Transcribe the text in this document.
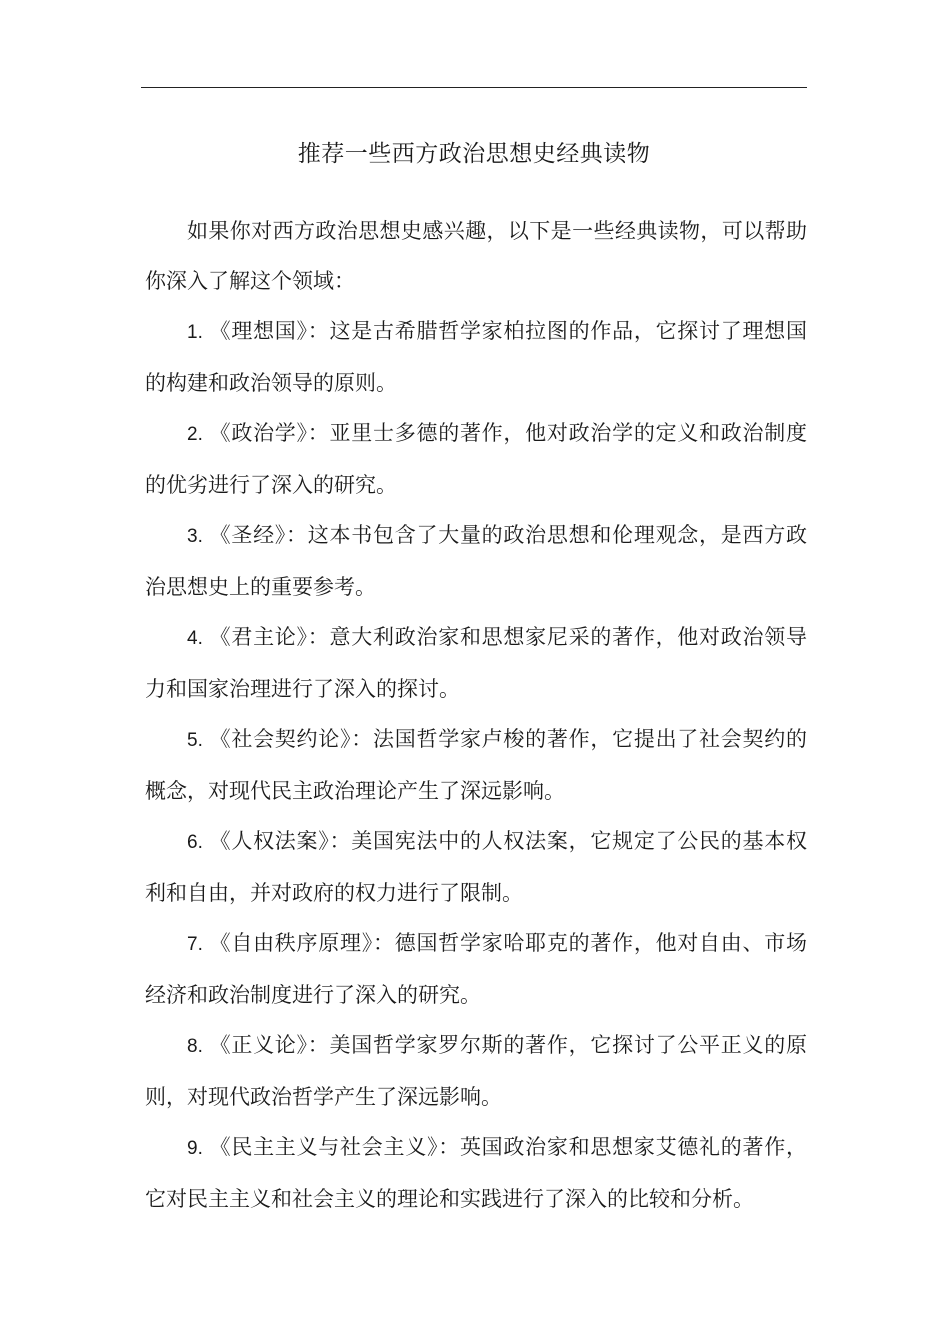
推荐一些西方政治思想史经典读物

如果你对西方政治思想史感兴趣，以下是一些经典读物，可以帮助你深入了解这个领域：

1. 《理想国》：这是古希腊哲学家柏拉图的作品，它探讨了理想国的构建和政治领导的原则。

2. 《政治学》：亚里士多德的著作，他对政治学的定义和政治制度的优劣进行了深入的研究。

3. 《圣经》：这本书包含了大量的政治思想和伦理观念，是西方政治思想史上的重要参考。

4. 《君主论》：意大利政治家和思想家尼采的著作，他对政治领导力和国家治理进行了深入的探讨。

5. 《社会契约论》：法国哲学家卢梭的著作，它提出了社会契约的概念，对现代民主政治理论产生了深远影响。

6. 《人权法案》：美国宪法中的人权法案，它规定了公民的基本权利和自由，并对政府的权力进行了限制。

7. 《自由秩序原理》：德国哲学家哈耶克的著作，他对自由、市场经济和政治制度进行了深入的研究。

8. 《正义论》：美国哲学家罗尔斯的著作，它探讨了公平正义的原则，对现代政治哲学产生了深远影响。

9. 《民主主义与社会主义》：英国政治家和思想家艾德礼的著作，它对民主主义和社会主义的理论和实践进行了深入的比较和分析。
